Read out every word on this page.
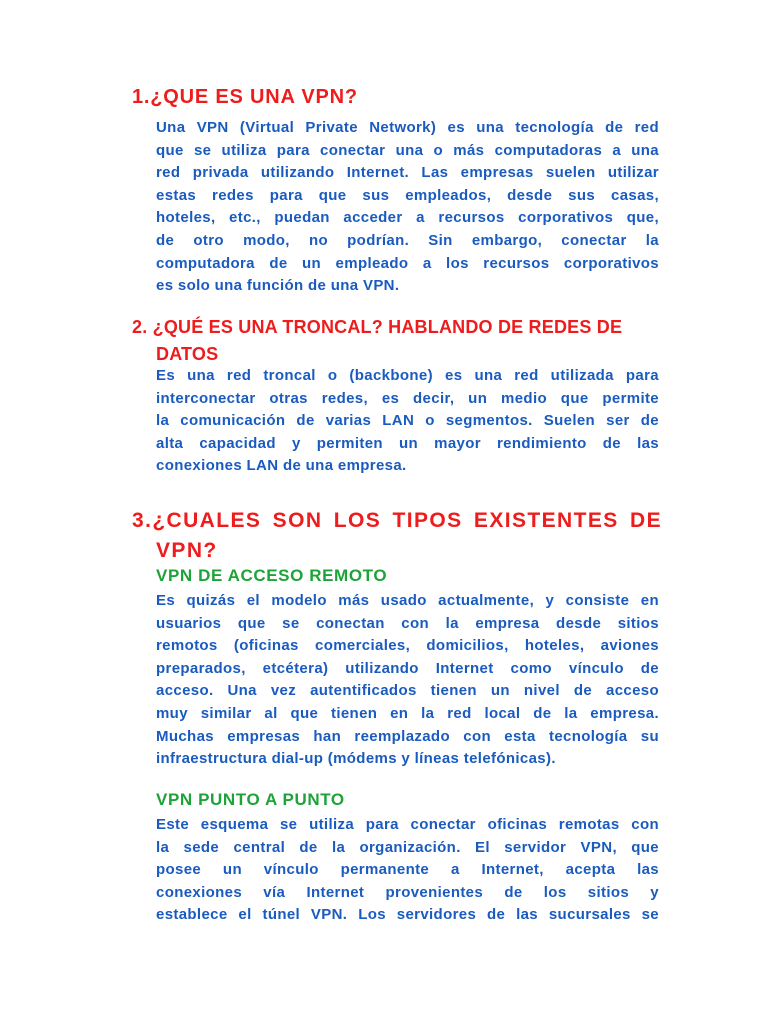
1.¿QUE ES UNA VPN?

Una VPN (Virtual Private Network) es una tecnología de red
que se utiliza para conectar una o más computadoras a una
red privada utilizando Internet. Las empresas suelen utilizar
estas redes para que sus empleados, desde sus casas,
hoteles, etc., puedan acceder a recursos corporativos que,
de otro modo, no podrían. Sin embargo, conectar la
computadora de un empleado a los recursos corporativos
es solo una función de una VPN.

2. ¿QUÉ ES UNA TRONCAL? HABLANDO DE REDES DE
DATOS

Es una red troncal o (backbone) es una red utilizada para
interconectar otras redes, es decir, un medio que permite
la comunicación de varias LAN o segmentos. Suelen ser de
alta capacidad y permiten un mayor rendimiento de las
conexiones LAN de una empresa.

3.¿CUALES SON LOS TIPOS EXISTENTES DE
VPN?
VPN DE ACCESO REMOTO

Es quizás el modelo más usado actualmente, y consiste en
usuarios que se conectan con la empresa desde sitios
remotos (oficinas comerciales, domicilios, hoteles, aviones
preparados, etcétera) utilizando Internet como vínculo de
acceso. Una vez autentificados tienen un nivel de acceso
muy similar al que tienen en la red local de la empresa.
Muchas empresas han reemplazado con esta tecnología su
infraestructura dial-up (módems y líneas telefónicas).

VPN PUNTO A PUNTO

Este esquema se utiliza para conectar oficinas remotas con
la sede central de la organización. El servidor VPN, que
posee un vínculo permanente a Internet, acepta las
conexiones vía Internet provenientes de los sitios y
establece el túnel VPN. Los servidores de las sucursales se
